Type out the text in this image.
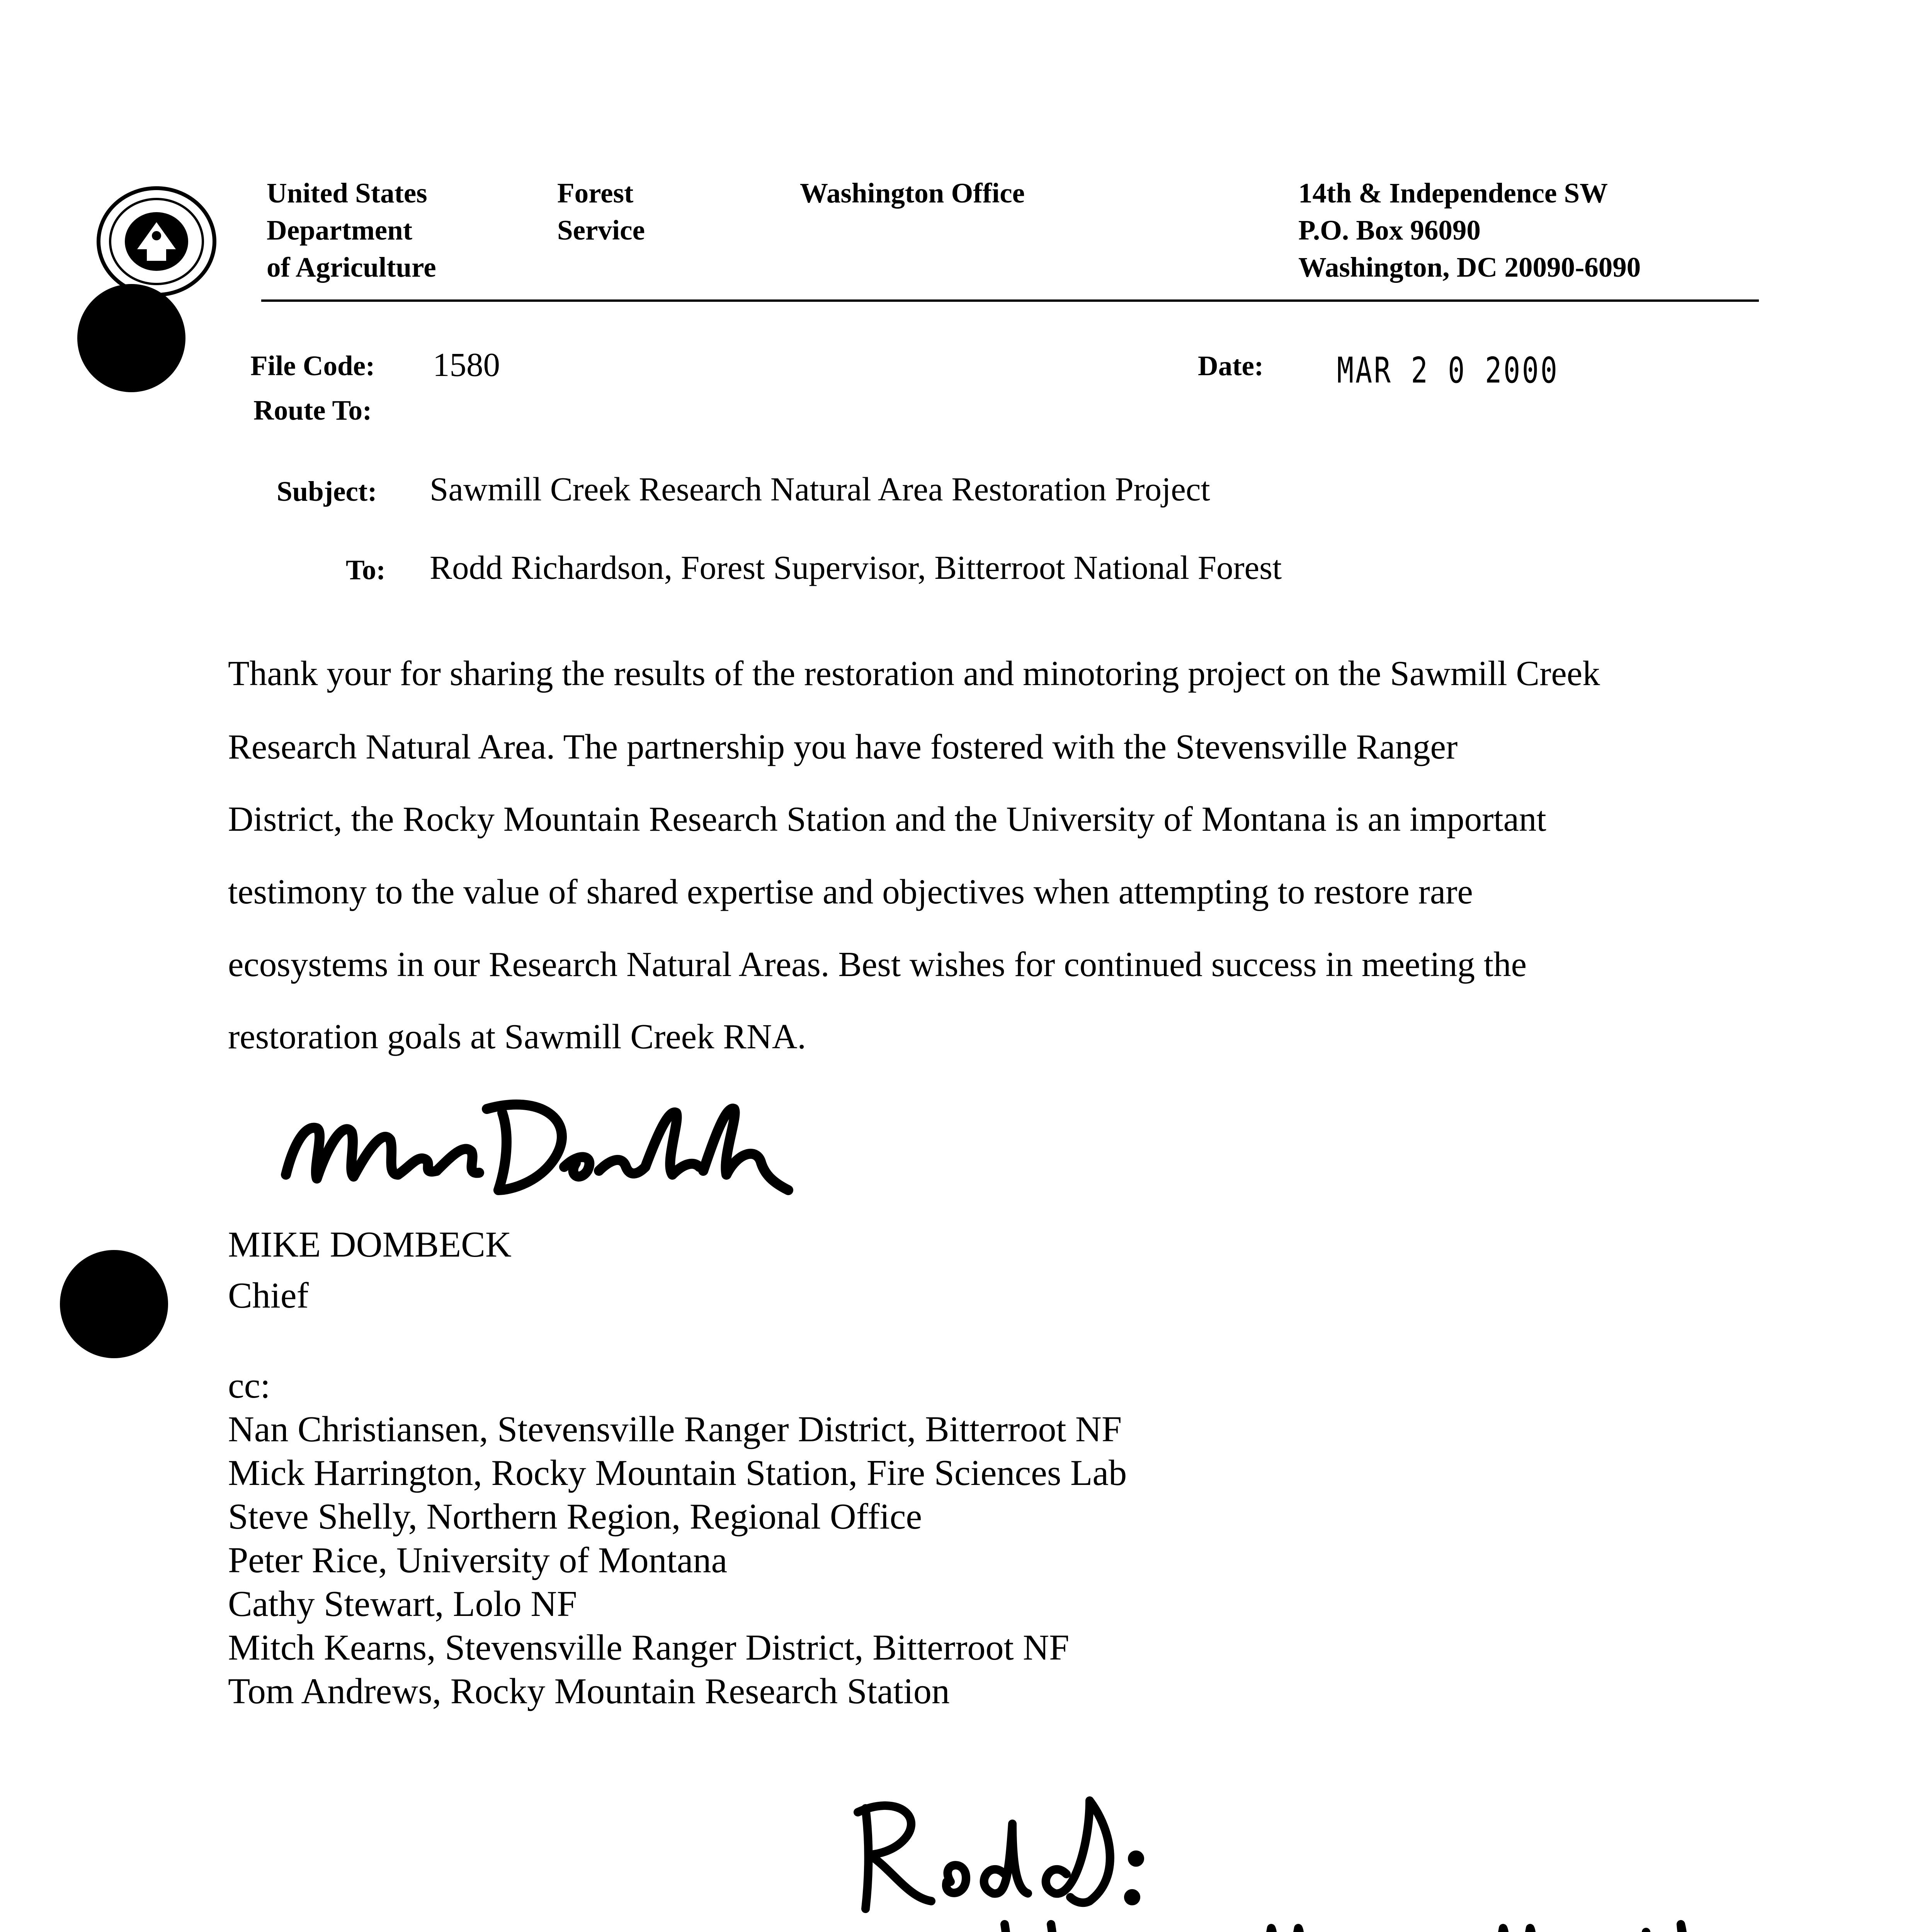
United States
Department
of Agriculture
Forest
Service
Washington Office	14th & Independence SW
P.O. Box 96090
Washington, DC 20090-6090
File Code: 1580
Route To:
Date: MAR 2 0 2000
Subject: Sawmill Creek Research Natural Area Restoration Project
To: Rodd Richardson, Forest Supervisor, Bitterroot National Forest
Thank your for sharing the results of the restoration and minotoring project on the Sawmill Creek
Research Natural Area. The partnership you have fostered with the Stevensville Ranger
District, the Rocky Mountain Research Station and the University of Montana is an important
testimony to the value of shared expertise and objectives when attempting to restore rare
ecosystems in our Research Natural Areas. Best wishes for continued success in meeting the
restoration goals at Sawmill Creek RNA.
MIKE DOMBECK
Chief
cc:
Nan Christiansen, Stevensville Ranger District, Bitterroot NF
Mick Harrington, Rocky Mountain Station, Fire Sciences Lab
Steve Shelly, Northern Region, Regional Office
Peter Rice, University of Montana
Cathy Stewart, Lolo NF
Mitch Kearns, Stevensville Ranger District, Bitterroot NF
Tom Andrews, Rocky Mountain Research Station
